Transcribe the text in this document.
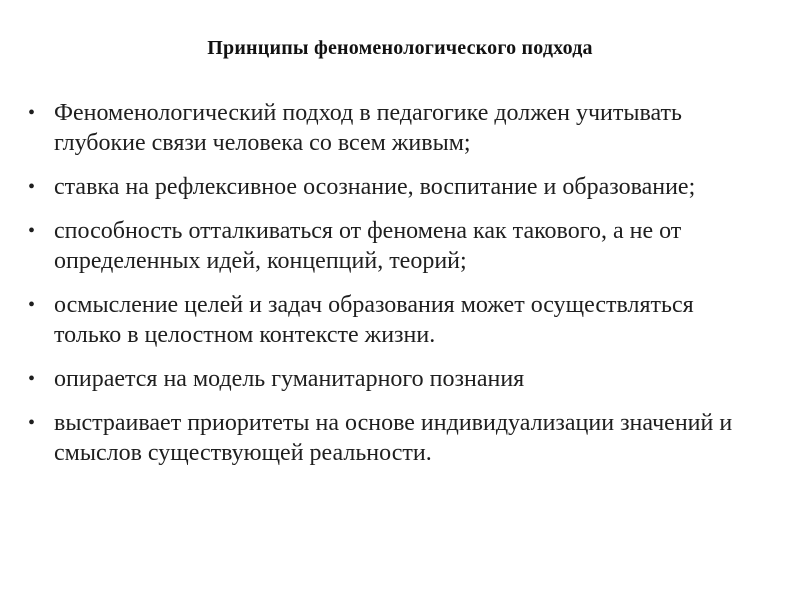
Принципы феноменологического подхода
• Феноменологический подход в педагогике должен учитывать глубокие связи человека со всем живым;
• ставка на рефлексивное осознание, воспитание и образование;
• способность отталкиваться от феномена как такового, а не от определенных идей, концепций, теорий;
• осмысление целей и задач образования может осуществляться только в целостном контексте жизни.
• опирается на модель гуманитарного познания
• выстраивает приоритеты на основе индивидуализации значений и смыслов существующей реальности.
